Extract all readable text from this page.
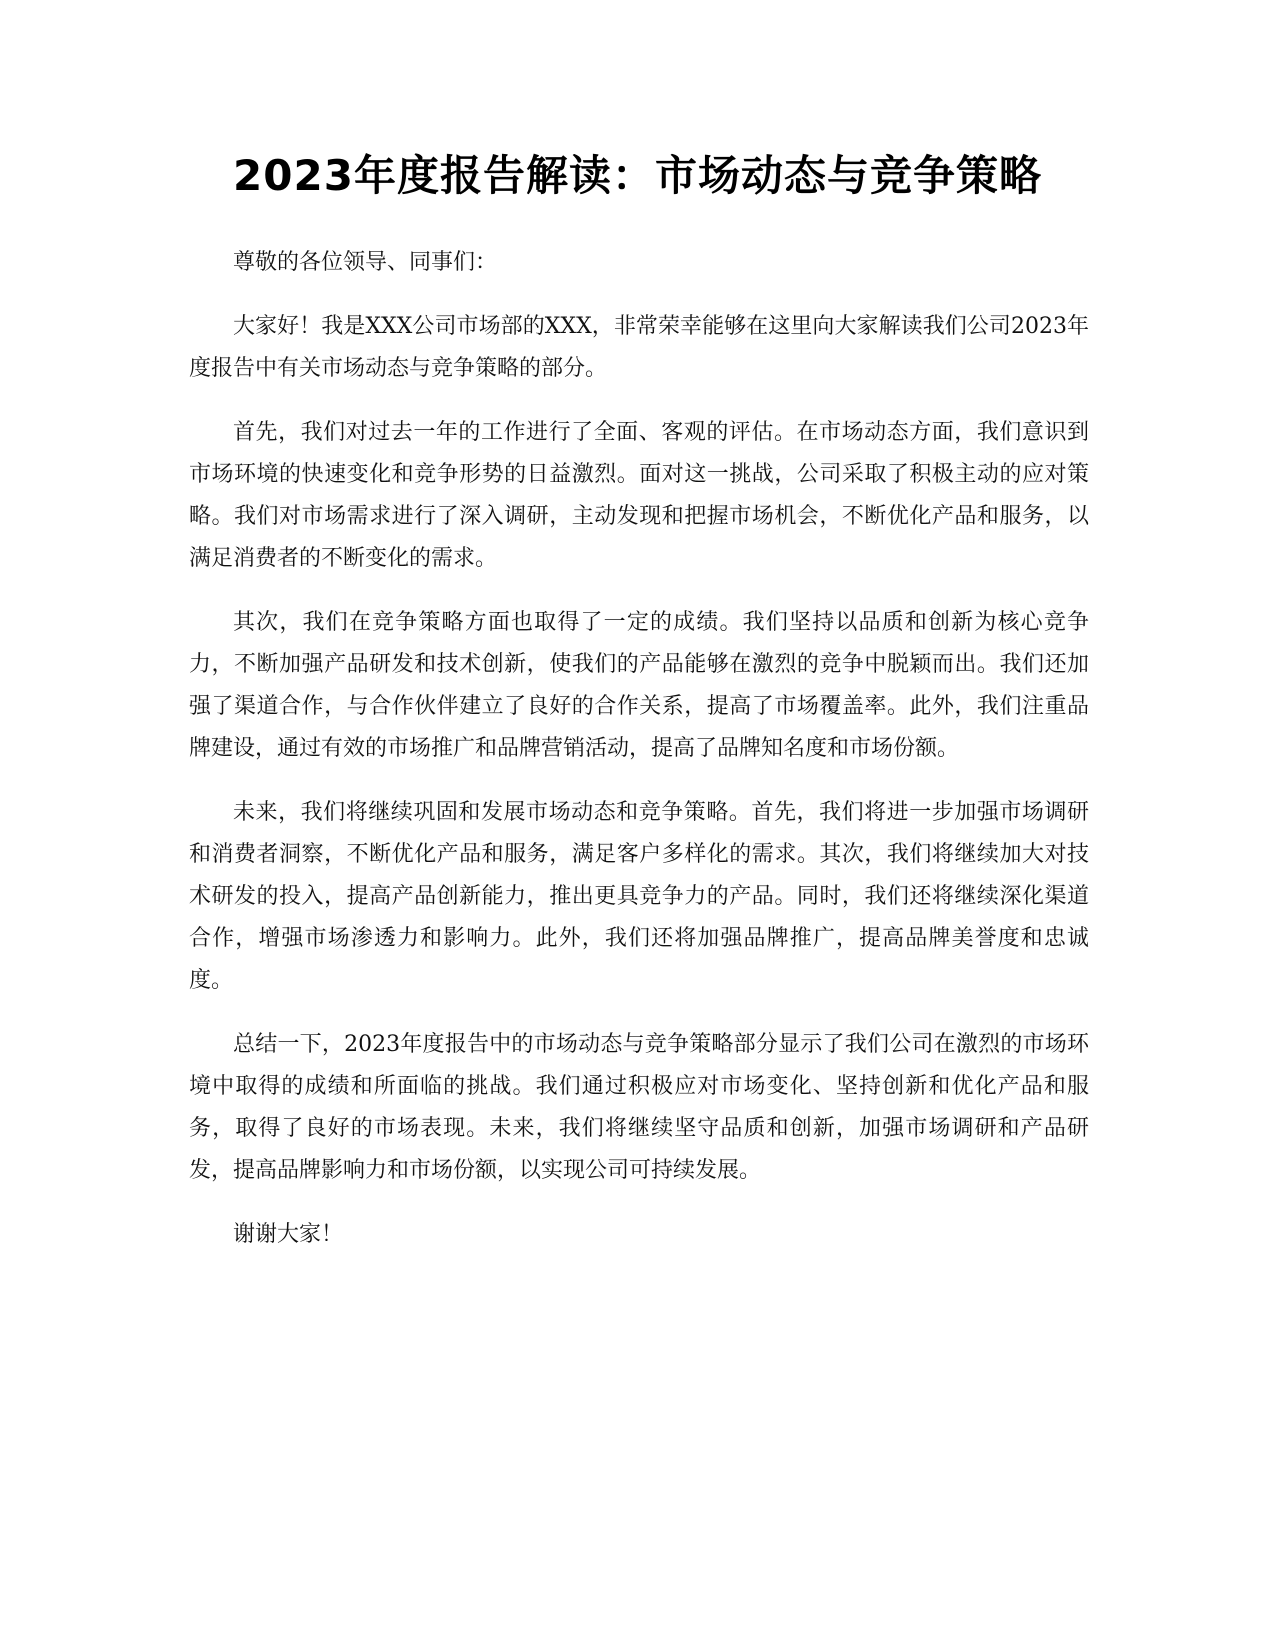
2023年度报告解读：市场动态与竞争策略

尊敬的各位领导、同事们：

大家好！我是XXX公司市场部的XXX，非常荣幸能够在这里向大家解读我们公司2023年度报告中有关市场动态与竞争策略的部分。

首先，我们对过去一年的工作进行了全面、客观的评估。在市场动态方面，我们意识到市场环境的快速变化和竞争形势的日益激烈。面对这一挑战，公司采取了积极主动的应对策略。我们对市场需求进行了深入调研，主动发现和把握市场机会，不断优化产品和服务，以满足消费者的不断变化的需求。

其次，我们在竞争策略方面也取得了一定的成绩。我们坚持以品质和创新为核心竞争力，不断加强产品研发和技术创新，使我们的产品能够在激烈的竞争中脱颖而出。我们还加强了渠道合作，与合作伙伴建立了良好的合作关系，提高了市场覆盖率。此外，我们注重品牌建设，通过有效的市场推广和品牌营销活动，提高了品牌知名度和市场份额。

未来，我们将继续巩固和发展市场动态和竞争策略。首先，我们将进一步加强市场调研和消费者洞察，不断优化产品和服务，满足客户多样化的需求。其次，我们将继续加大对技术研发的投入，提高产品创新能力，推出更具竞争力的产品。同时，我们还将继续深化渠道合作，增强市场渗透力和影响力。此外，我们还将加强品牌推广，提高品牌美誉度和忠诚度。

总结一下，2023年度报告中的市场动态与竞争策略部分显示了我们公司在激烈的市场环境中取得的成绩和所面临的挑战。我们通过积极应对市场变化、坚持创新和优化产品和服务，取得了良好的市场表现。未来，我们将继续坚守品质和创新，加强市场调研和产品研发，提高品牌影响力和市场份额，以实现公司可持续发展。

谢谢大家！
